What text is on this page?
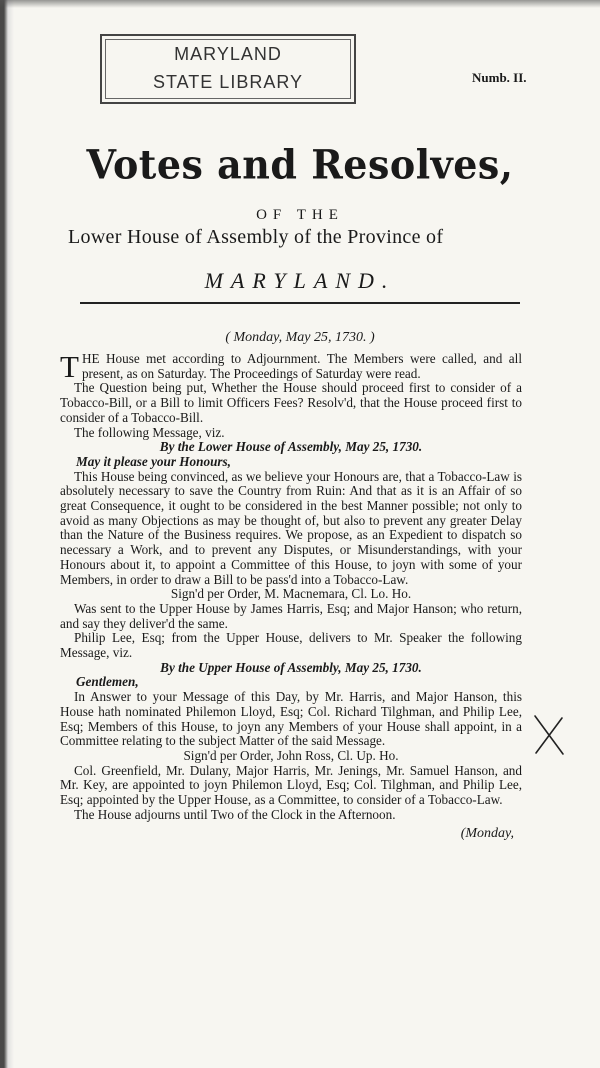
MARYLAND
STATE LIBRARY	Numb. II.
Votes and Resolves,
OF THE
Lower House of Assembly of the Province of
MARYLAND.
( Monday, May 25, 1730. )

THE House met according to Adjournment. The Members were called, and all present, as on Saturday. The Proceedings of Saturday were read.

The Question being put, Whether the House should proceed first to consider of a Tobacco-Bill, or a Bill to limit Officers Fees? Resolv'd, that the House proceed first to consider of a Tobacco-Bill.

The following Message, viz.

By the Lower House of Assembly, May 25, 1730.

May it please your Honours,

This House being convinced, as we believe your Honours are, that a Tobacco-Law is absolutely necessary to save the Country from Ruin: And that as it is an Affair of so great Consequence, it ought to be considered in the best Manner possible; not only to avoid as many Objections as may be thought of, but also to prevent any greater Delay than the Nature of the Business requires. We propose, as an Expedient to dispatch so necessary a Work, and to prevent any Disputes, or Misunderstandings, with your Honours about it, to appoint a Committee of this House, to joyn with some of your Members, in order to draw a Bill to be pass'd into a Tobacco-Law.

Sign'd per Order, M. Macnemara, Cl. Lo. Ho.

Was sent to the Upper House by James Harris, Esq; and Major Hanson; who return, and say they deliver'd the same.

Philip Lee, Esq; from the Upper House, delivers to Mr. Speaker the following Message, viz.

By the Upper House of Assembly, May 25, 1730.

Gentlemen,

In Answer to your Message of this Day, by Mr. Harris, and Major Hanson, this House hath nominated Philemon Lloyd, Esq; Col. Richard Tilghman, and Philip Lee, Esq; Members of this House, to joyn any Members of your House shall appoint, in a Committee relating to the subject Matter of the said Message.

Sign'd per Order, John Ross, Cl. Up. Ho.

Col. Greenfield, Mr. Dulany, Major Harris, Mr. Jenings, Mr. Samuel Hanson, and Mr. Key, are appointed to joyn Philemon Lloyd, Esq; Col. Tilghman, and Philip Lee, Esq; appointed by the Upper House, as a Committee, to consider of a Tobacco-Law.

The House adjourns until Two of the Clock in the Afternoon.

(Monday,
